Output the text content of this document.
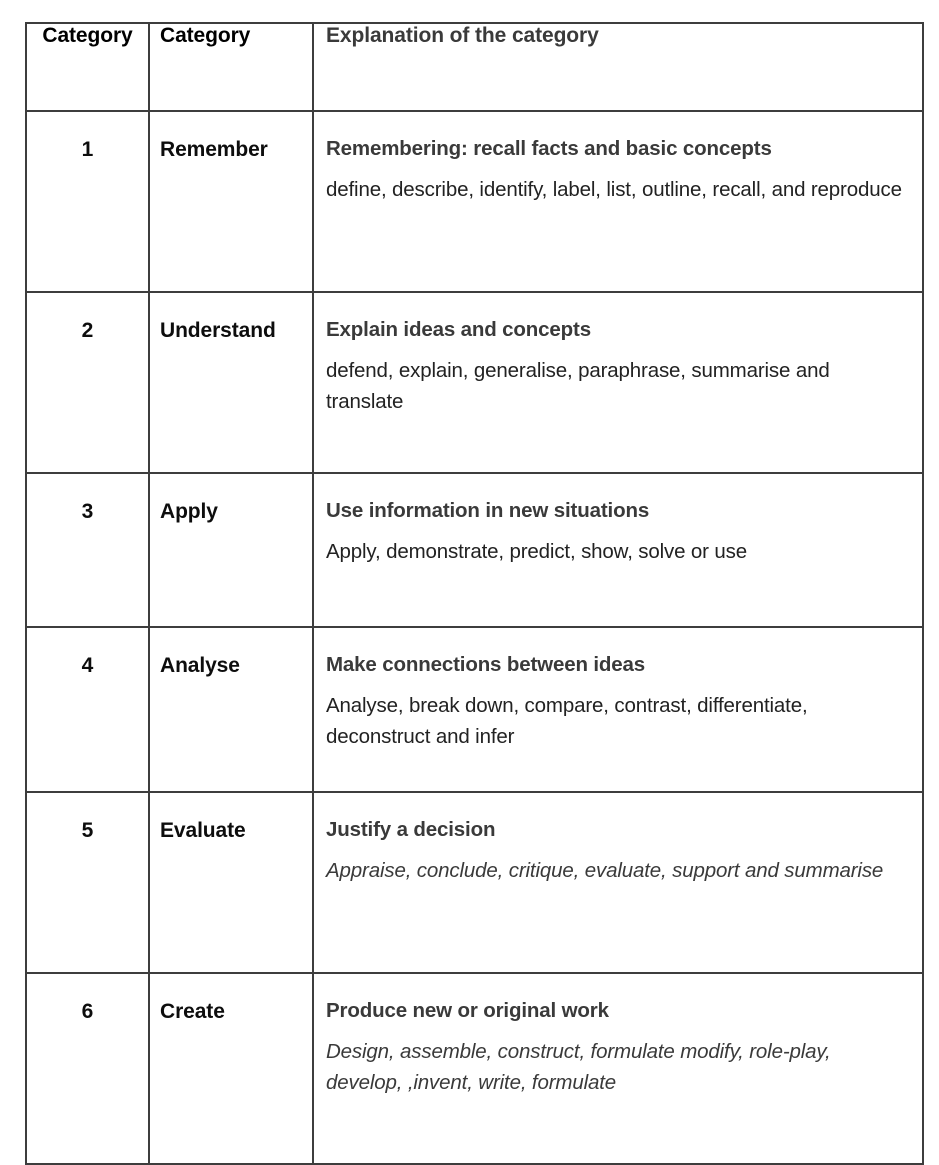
Category	Category	Explanation of the category
1	Remember	Remembering: recall facts and basic concepts

define, describe, identify, label, list, outline, recall, and reproduce

2	Understand	Explain ideas and concepts

defend, explain, generalise, paraphrase, summarise and translate

3	Apply	Use information in new situations

Apply, demonstrate, predict, show, solve or use

4	Analyse	Make connections between ideas

Analyse, break down, compare, contrast, differentiate, deconstruct and infer

5	Evaluate	Justify a decision

Appraise, conclude, critique, evaluate, support and summarise

6	Create	Produce new or original work

Design, assemble, construct, formulate modify, role-play, develop, ,invent, write, formulate
